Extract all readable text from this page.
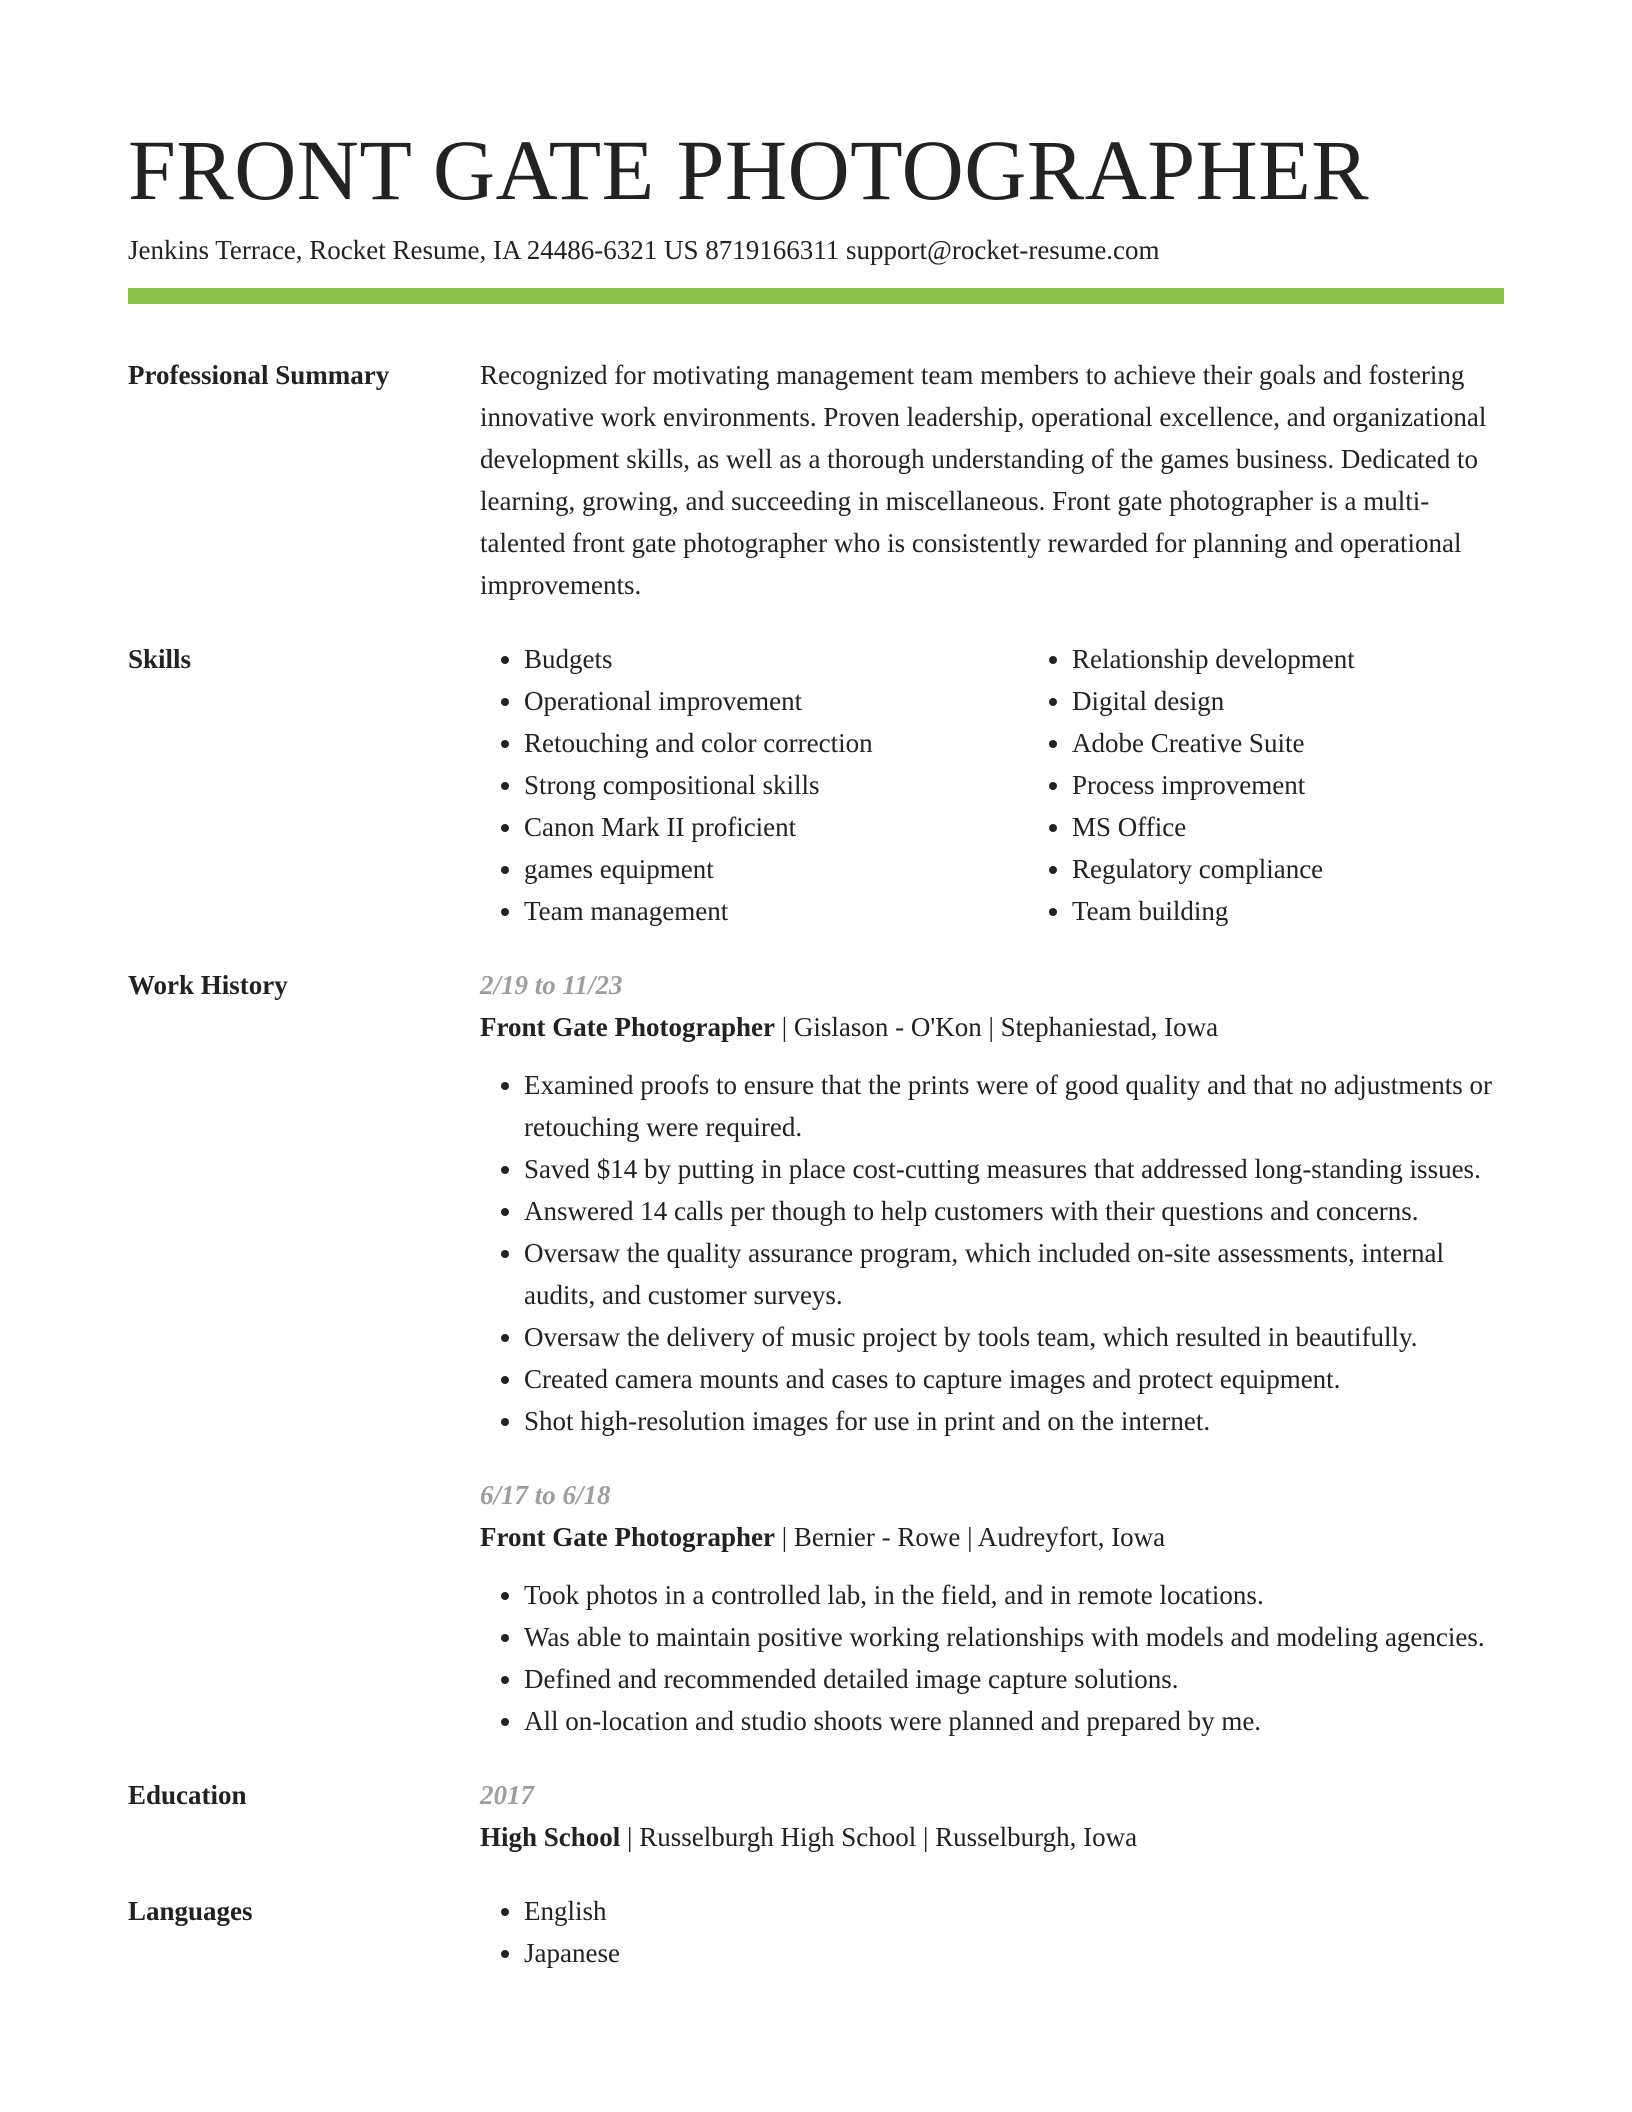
FRONT GATE PHOTOGRAPHER
Jenkins Terrace, Rocket Resume, IA 24486-6321 US 8719166311 support@rocket-resume.com
Professional Summary	Recognized for motivating management team members to achieve their goals and fostering innovative work environments. Proven leadership, operational excellence, and organizational development skills, as well as a thorough understanding of the games business. Dedicated to learning, growing, and succeeding in miscellaneous. Front gate photographer is a multi-talented front gate photographer who is consistently rewarded for planning and operational improvements.

Skills	• Budgets
• Operational improvement
• Retouching and color correction
• Strong compositional skills
• Canon Mark II proficient
• games equipment
• Team management
• Relationship development
• Digital design
• Adobe Creative Suite
• Process improvement
• MS Office
• Regulatory compliance
• Team building
Work History	2/19 to 11/23

Front Gate Photographer | Gislason - O'Kon | Stephaniestad, Iowa

• Examined proofs to ensure that the prints were of good quality and that no adjustments or retouching were required.
• Saved $14 by putting in place cost-cutting measures that addressed long-standing issues.
• Answered 14 calls per though to help customers with their questions and concerns.
• Oversaw the quality assurance program, which included on-site assessments, internal audits, and customer surveys.
• Oversaw the delivery of music project by tools team, which resulted in beautifully.
• Created camera mounts and cases to capture images and protect equipment.
• Shot high-resolution images for use in print and on the internet.
6/17 to 6/18

Front Gate Photographer | Bernier - Rowe | Audreyfort, Iowa

• Took photos in a controlled lab, in the field, and in remote locations.
• Was able to maintain positive working relationships with models and modeling agencies.
• Defined and recommended detailed image capture solutions.
• All on-location and studio shoots were planned and prepared by me.
Education	2017

High School | Russelburgh High School | Russelburgh, Iowa

Languages	• English
• Japanese
